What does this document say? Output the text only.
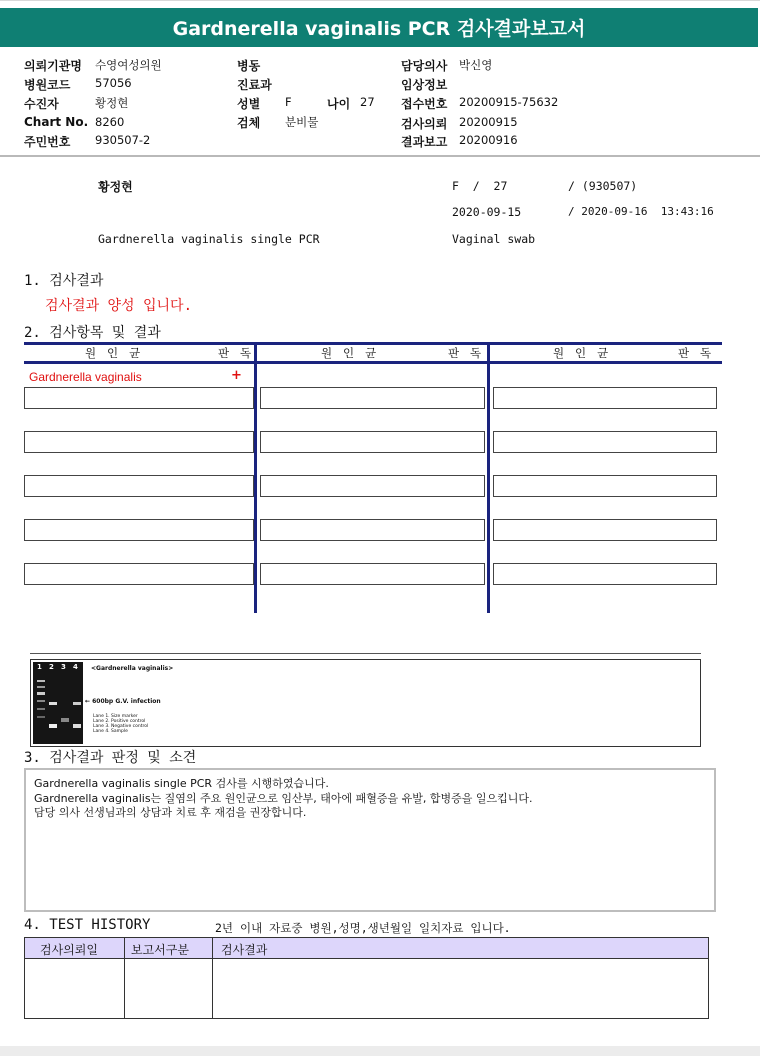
Gardnerella vaginalis PCR 검사결과보고서
의뢰기관명 수영여성의원
병원코드 57056
수진자	황정현
Chart No. 8260
주민번호 930507-2
병동
진료과
성별 F	나이 27
검체 분비물
담당의사 박신영
임상정보
접수번호 20200915-75632
검사의뢰 20200915
결과보고 20200916
황정현	F  /  27	/ (930507)
2020-09-15	/ 2020-09-16  13:43:16
Gardnerella vaginalis single PCR	Vaginal swab
1. 검사결과
검사결과 양성 입니다.
2. 검사항목 및 결과
원 인 균	판 독	원 인 균	판 독	원 인 균	판 독
Gardnerella vaginalis	+
1 2 3 4 <Gardnerella vaginalis>
← 600bp G.V. infection
Lane 1. Size marker
Lane 2. Positive control
Lane 3. Negative control
Lane 4. Sample
3. 검사결과 판정 및 소견
Gardnerella vaginalis single PCR 검사를 시행하였습니다.
Gardnerella vaginalis는 질염의 주요 원인균으로 임산부, 태아에 패혈증을 유발, 합병증을 일으킵니다.
담당 의사 선생님과의 상담과 치료 후 재검을 권장합니다.
4. TEST HISTORY	2년 이내 자료중 병원,성명,생년월일 일치자료 입니다.
검사의뢰일	보고서구분	검사결과
